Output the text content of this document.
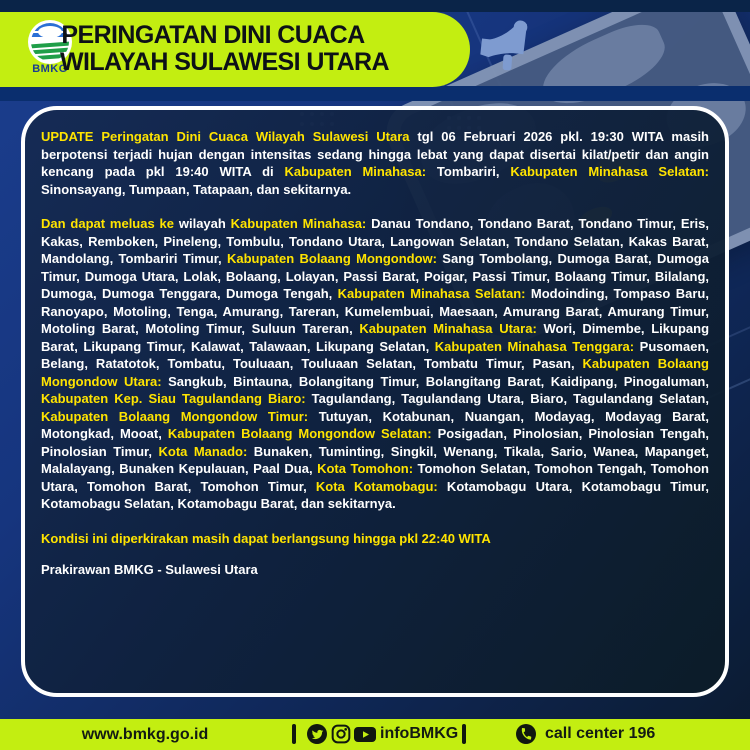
BMKG
PERINGATAN DINI CUACA
WILAYAH SULAWESI UTARA

UPDATE Peringatan Dini Cuaca Wilayah Sulawesi Utara tgl 06 Februari 2026 pkl. 19:30 WITA masih berpotensi terjadi hujan dengan intensitas sedang hingga lebat yang dapat disertai kilat/petir dan angin kencang pada pkl 19:40 WITA di Kabupaten Minahasa: Tombariri, Kabupaten Minahasa Selatan: Sinonsayang, Tumpaan, Tatapaan, dan sekitarnya.

Dan dapat meluas ke wilayah Kabupaten Minahasa: Danau Tondano, Tondano Barat, Tondano Timur, Eris, Kakas, Remboken, Pineleng, Tombulu, Tondano Utara, Langowan Selatan, Tondano Selatan, Kakas Barat, Mandolang, Tombariri Timur, Kabupaten Bolaang Mongondow: Sang Tombolang, Dumoga Barat, Dumoga Timur, Dumoga Utara, Lolak, Bolaang, Lolayan, Passi Barat, Poigar, Passi Timur, Bolaang Timur, Bilalang, Dumoga, Dumoga Tenggara, Dumoga Tengah, Kabupaten Minahasa Selatan: Modoinding, Tompaso Baru, Ranoyapo, Motoling, Tenga, Amurang, Tareran, Kumelembuai, Maesaan, Amurang Barat, Amurang Timur, Motoling Barat, Motoling Timur, Suluun Tareran, Kabupaten Minahasa Utara: Wori, Dimembe, Likupang Barat, Likupang Timur, Kalawat, Talawaan, Likupang Selatan, Kabupaten Minahasa Tenggara: Pusomaen, Belang, Ratatotok, Tombatu, Touluaan, Touluaan Selatan, Tombatu Timur, Pasan, Kabupaten Bolaang Mongondow Utara: Sangkub, Bintauna, Bolangitang Timur, Bolangitang Barat, Kaidipang, Pinogaluman, Kabupaten Kep. Siau Tagulandang Biaro: Tagulandang, Tagulandang Utara, Biaro, Tagulandang Selatan, Kabupaten Bolaang Mongondow Timur: Tutuyan, Kotabunan, Nuangan, Modayag, Modayag Barat, Motongkad, Mooat, Kabupaten Bolaang Mongondow Selatan: Posigadan, Pinolosian, Pinolosian Tengah, Pinolosian Timur, Kota Manado: Bunaken, Tuminting, Singkil, Wenang, Tikala, Sario, Wanea, Mapanget, Malalayang, Bunaken Kepulauan, Paal Dua, Kota Tomohon: Tomohon Selatan, Tomohon Tengah, Tomohon Utara, Tomohon Barat, Tomohon Timur, Kota Kotamobagu: Kotamobagu Utara, Kotamobagu Timur, Kotamobagu Selatan, Kotamobagu Barat, dan sekitarnya.

Kondisi ini diperkirakan masih dapat berlangsung hingga pkl 22:40 WITA

Prakirawan BMKG - Sulawesi Utara

www.bmkg.go.id	infoBMKG	call center 196
